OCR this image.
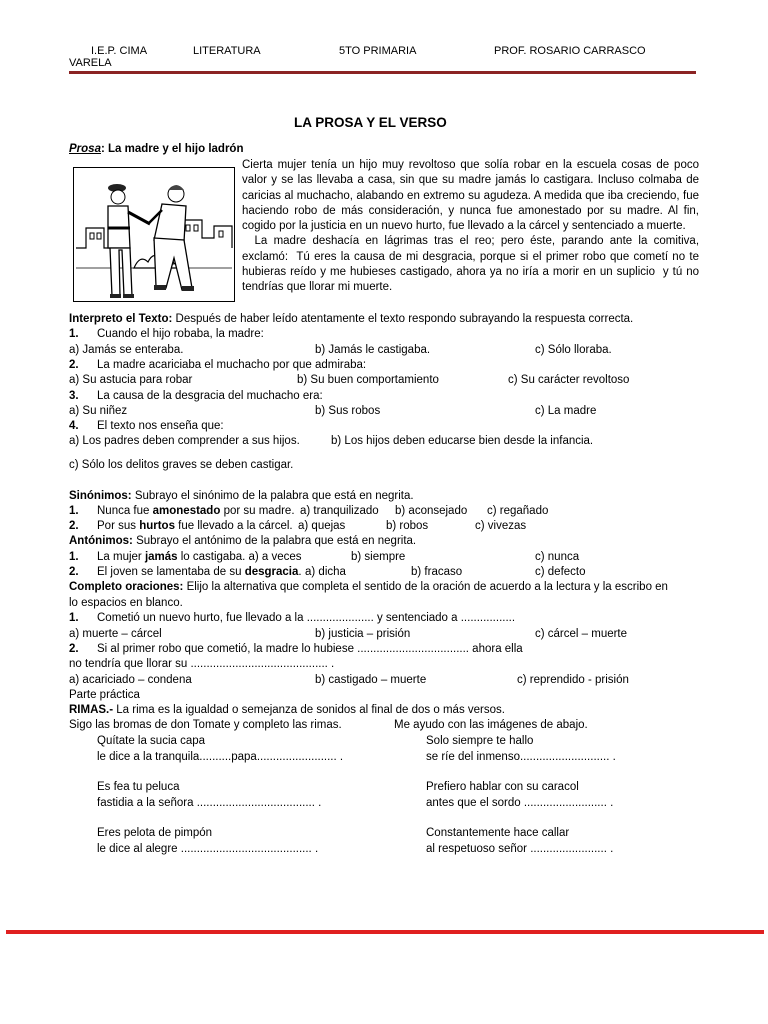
I.E.P. CIMA	LITERATURA	5TO PRIMARIA	PROF. ROSARIO CARRASCO
VARELA
LA PROSA Y EL VERSO
Prosa: La madre y el hijo ladrón

Cierta mujer tenía un hijo muy revoltoso que solía robar en la escuela cosas de poco valor y se las llevaba a casa, sin que su madre jamás lo castigara. Incluso colmaba de caricias al muchacho, alabando en extremo su agudeza. A medida que iba creciendo, fue haciendo robo de más consideración, y nunca fue amonestado por su madre. Al fin, cogido por la justicia en un nuevo hurto, fue llevado a la cárcel y sentenciado a muerte.

La madre deshacía en lágrimas tras el reo; pero éste, parando ante la comitiva, exclamó:  Tú eres la causa de mi desgracia, porque si el primer robo que cometí no te hubieras reído y me hubieses castigado, ahora ya no iría a morir en un suplicio  y tú no tendrías que llorar mi muerte.

Interpreto el Texto: Después de haber leído atentamente el texto respondo subrayando la respuesta correcta.
1. Cuando el hijo robaba, la madre:
a) Jamás se enteraba.	b) Jamás le castigaba.	c) Sólo lloraba.
2. La madre acariciaba el muchacho por que admiraba:
a) Su astucia para robar	b) Su buen comportamiento	c) Su carácter revoltoso
3. La causa de la desgracia del muchacho era:
a) Su niñez	b) Sus robos	c) La madre
4. El texto nos enseña que:
a) Los padres deben comprender a sus hijos.	b) Los hijos deben educarse bien desde la infancia.
c) Sólo los delitos graves se deben castigar.
Sinónimos: Subrayo el sinónimo de la palabra que está en negrita.
1. Nunca fue amonestado por su madre. a) tranquilizado b) aconsejado c) regañado
2. Por sus hurtos fue llevado a la cárcel. a) quejas	b) robos	c) vivezas
Antónimos: Subrayo el antónimo de la palabra que está en negrita.
1. La mujer jamás lo castigaba. a) a veces	b) siempre	c) nunca
2. El joven se lamentaba de su desgracia. a) dicha	b) fracaso	c) defecto
Completo oraciones: Elijo la alternativa que completa el sentido de la oración de acuerdo a la lectura y la escribo en
lo espacios en blanco.
1. Cometió un nuevo hurto, fue llevado a la ..................... y sentenciado a .................
a) muerte – cárcel	b) justicia – prisión	c) cárcel – muerte
2. Si al primer robo que cometió, la madre lo hubiese ................................... ahora ella
no tendría que llorar su ........................................... .
a) acariciado – condena	b) castigado – muerte	c) reprendido - prisión
Parte práctica
RIMAS.- La rima es la igualdad o semejanza de sonidos al final de dos o más versos.
Sigo las bromas de don Tomate y completo las rimas.	Me ayudo con las imágenes de abajo.
Quítate la sucia capa
le dice a la tranquila..........papa......................... .
Es fea tu peluca
fastidia a la señora ..................................... .
Eres pelota de pimpón
le dice al alegre ......................................... .
Solo siempre te hallo
se ríe del inmenso............................ .
Prefiero hablar con su caracol
antes que el sordo .......................... .
Constantemente hace callar
al respetuoso señor ........................ .
